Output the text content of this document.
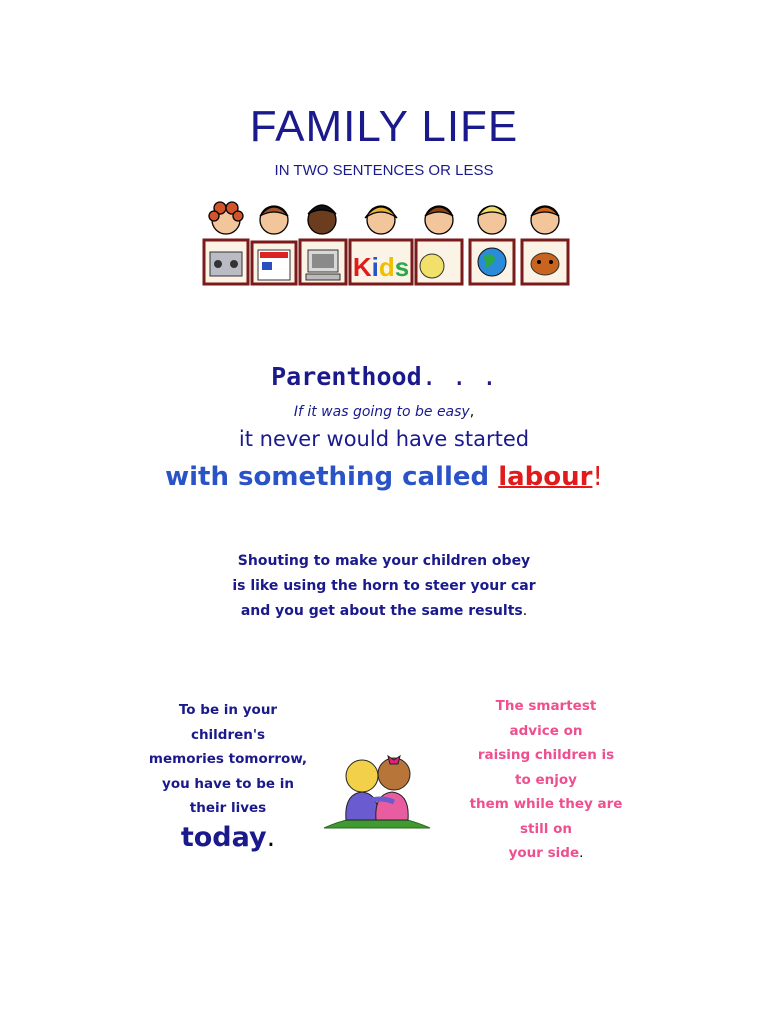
FAMILY LIFE
IN TWO SENTENCES OR LESS
Kids
Parenthood. . .
If it was going to be easy,
it never would have started
with something called labour!
Shouting to make your children obey
is like using the horn to steer your car
and you get about the same results.
To be in your
children's
memories tomorrow,
you have to be in
their lives
today.
The smartest
advice on
raising children is
to enjoy
them while they are
still on
your side.
